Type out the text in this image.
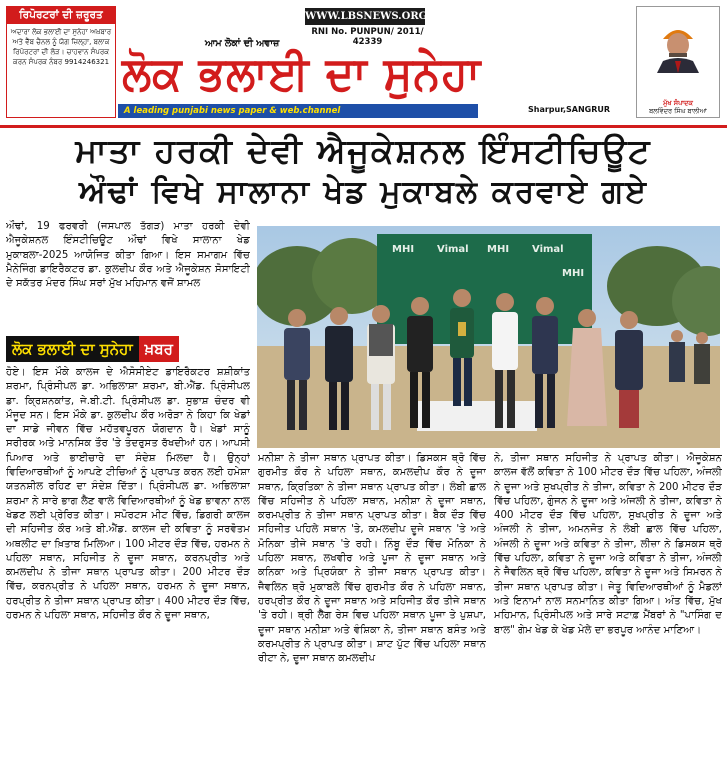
ਰਿਪੋਰਟਰਾਂ ਦੀ ਜ਼ਰੂਰਤ
ਅਦਾਰਾ ਲੋਕ ਭਲਾਈ ਦਾ ਸੁਨੇਹਾ ਅਖ਼ਬਾਰ ਅਤੇ ਵੈੱਬ ਚੈਨਲ ਨੂੰ ਯੋਗ ਜ਼ਿਲ੍ਹਾ, ਬਲਾਕ ਰਿਪੋਰਟਰਾਂ ਦੀ ਲੋੜ। ਚਾਹਵਾਨ ਸੰਪਰਕ ਕਰਨ ਸੰਪਰਕ ਨੰਬਰ 9914246321
WWW.LBSNEWS.ORG
RNI No. PUNPUN/ 2011/ 42339
ਆਮ ਲੋਕਾਂ ਦੀ ਅਵਾਜ਼
ਲੋਕ ਭਲਾਈ ਦਾ ਸੁਨੇਹਾ
A leading punjabi news paper & web.channel	Sharpur,SANGRUR
ਮੁੱਖ ਸੰਪਾਦਕ
ਬਲਵਿੰਦਰ ਸਿੰਘ ਬਾਲੀਆਂ
ਮਾਤਾ ਹਰਕੀ ਦੇਵੀ ਐਜੂਕੇਸ਼ਨਲ ਇੰਸਟੀਚਿਊਟ
ਔਢਾਂ ਵਿਖੇ ਸਾਲਾਨਾ ਖੇਡ ਮੁਕਾਬਲੇ ਕਰਵਾਏ ਗਏ

ਔਢਾਂ, 19 ਫਰਵਰੀ (ਜਸਪਾਲ ਤੱਗੜ) ਮਾਤਾ ਹਰਕੀ ਦੇਵੀ ਐਜੂਕੇਸ਼ਨਲ ਇੰਸਟੀਚਿਊਟ ਔਢਾਂ ਵਿਖੇ ਸਾਲਾਨਾ ਖੇਡ ਮੁਕਾਬਲਾ-2025 ਆਯੋਜਿਤ ਕੀਤਾ ਗਿਆ। ਇਸ ਸਮਾਗਮ ਵਿੱਚ ਮੈਨੇਜਿੰਗ ਡਾਇਰੈਕਟਰ ਡਾ. ਕੁਲਦੀਪ ਕੌਰ ਅਤੇ ਐਜੂਕੇਸ਼ਨ ਸੋਸਾਇਟੀ ਦੇ ਸਕੱਤਰ ਮੰਦਰ ਸਿੰਘ ਸਰਾਂ ਮੁੱਖ ਮਹਿਮਾਨ ਵਜੋਂ ਸ਼ਾਮਲ

ਲੋਕ ਭਲਾਈ ਦਾ ਸੁਨੇਹਾ ਖ਼ਬਰ

ਹੋਏ। ਇਸ ਮੌਕੇ ਕਾਲਜ ਦੇ ਐਸੋਸੀਏਟ ਡਾਇਰੈਕਟਰ ਸ਼ਸ਼ੀਕਾਂਤ ਸ਼ਰਮਾ, ਪ੍ਰਿੰਸੀਪਲ ਡਾ. ਅਭਿਲਾਸ਼ਾ ਸ਼ਰਮਾ, ਬੀ.ਐੱਡ. ਪ੍ਰਿੰਸੀਪਲ ਡਾ. ਕ੍ਰਿਸ਼ਨਕਾਂਤ, ਜੇ.ਬੀ.ਟੀ. ਪ੍ਰਿੰਸੀਪਲ ਡਾ. ਸੁਭਾਸ਼ ਚੰਦਰ ਵੀ ਮੌਜੂਦ ਸਨ। ਇਸ ਮੌਕੇ ਡਾ. ਕੁਲਦੀਪ ਕੌਰ ਅਰੋੜਾ ਨੇ ਕਿਹਾ ਕਿ ਖੇਡਾਂ ਦਾ ਸਾਡੇ ਜੀਵਨ ਵਿੱਚ ਮਹੱਤਵਪੂਰਨ ਯੋਗਦਾਨ ਹੈ। ਖੇਡਾਂ ਸਾਨੂੰ ਸਰੀਰਕ ਅਤੇ ਮਾਨਸਿਕ ਤੌਰ 'ਤੇ ਤੰਦਰੁਸਤ ਰੱਖਦੀਆਂ ਹਨ। ਆਪਸੀ ਪਿਆਰ ਅਤੇ ਭਾਈਚਾਰੇ ਦਾ ਸੰਦੇਸ਼ ਮਿਲਦਾ ਹੈ। ਉਨ੍ਹਾਂ ਵਿਦਿਆਰਥੀਆਂ ਨੂੰ ਆਪਣੇ ਟੀਚਿਆਂ ਨੂੰ ਪ੍ਰਾਪਤ ਕਰਨ ਲਈ ਹਮੇਸ਼ਾ ਯਤਨਸ਼ੀਲ ਰਹਿਣ ਦਾ ਸੰਦੇਸ਼ ਦਿੱਤਾ। ਪ੍ਰਿੰਸੀਪਲ ਡਾ. ਅਭਿਲਾਸ਼ਾ ਸ਼ਰਮਾ ਨੇ ਸਾਰੇ ਭਾਗ ਲੈਣ ਵਾਲੇ ਵਿਦਿਆਰਥੀਆਂ ਨੂੰ ਖੇਡ ਭਾਵਨਾ ਨਾਲ ਖੇਡਣ ਲਈ ਪ੍ਰੇਰਿਤ ਕੀਤਾ। ਸਪੋਰਟਸ ਮੀਟ ਵਿੱਚ, ਡਿਗਰੀ ਕਾਲਜ ਦੀ ਸਹਿਜੀਤ ਕੌਰ ਅਤੇ ਬੀ.ਐੱਡ. ਕਾਲਜ ਦੀ ਕਵਿਤਾ ਨੂੰ ਸਰਵੋਤਮ ਅਥਲੀਟ ਦਾ ਖ਼ਿਤਾਬ ਮਿਲਿਆ। 100 ਮੀਟਰ ਦੌੜ ਵਿੱਚ, ਹਰਮਨ ਨੇ ਪਹਿਲਾ ਸਥਾਨ, ਸਹਿਜੀਤ ਨੇ ਦੂਜਾ ਸਥਾਨ, ਕਰਨਪ੍ਰੀਤ ਅਤੇ ਕਮਲਦੀਪ ਨੇ ਤੀਜਾ ਸਥਾਨ ਪ੍ਰਾਪਤ ਕੀਤਾ। 200 ਮੀਟਰ ਦੌੜ ਵਿੱਚ, ਕਰਨਪ੍ਰੀਤ ਨੇ ਪਹਿਲਾ ਸਥਾਨ, ਹਰਮਨ ਨੇ ਦੂਜਾ ਸਥਾਨ, ਹਰਪ੍ਰੀਤ ਨੇ ਤੀਜਾ ਸਥਾਨ ਪ੍ਰਾਪਤ ਕੀਤਾ। 400 ਮੀਟਰ ਦੌੜ ਵਿੱਚ, ਹਰਮਨ ਨੇ ਪਹਿਲਾ ਸਥਾਨ, ਸਹਿਜੀਤ ਕੌਰ ਨੇ ਦੂਜਾ ਸਥਾਨ,

MHI Vimal MHI Vimal
MHI

ਮਨੀਸ਼ਾ ਨੇ ਤੀਜਾ ਸਥਾਨ ਪ੍ਰਾਪਤ ਕੀਤਾ। ਡਿਸਕਸ ਥ੍ਰੋ ਵਿੱਚ ਗੁਰਮੀਤ ਕੌਰ ਨੇ ਪਹਿਲਾ ਸਥਾਨ, ਕਮਲਦੀਪ ਕੌਰ ਨੇ ਦੂਜਾ ਸਥਾਨ, ਕ੍ਰਿਤਿਕਾ ਨੇ ਤੀਜਾ ਸਥਾਨ ਪ੍ਰਾਪਤ ਕੀਤਾ। ਲੰਬੀ ਛਾਲ ਵਿੱਚ ਸਹਿਜੀਤ ਨੇ ਪਹਿਲਾ ਸਥਾਨ, ਮਨੀਸ਼ਾ ਨੇ ਦੂਜਾ ਸਥਾਨ, ਕਰਮਪ੍ਰੀਤ ਨੇ ਤੀਜਾ ਸਥਾਨ ਪ੍ਰਾਪਤ ਕੀਤਾ। ਬੈਕ ਦੌੜ ਵਿੱਚ ਸਹਿਜੀਤ ਪਹਿਲੇ ਸਥਾਨ 'ਤੇ, ਕਮਲਦੀਪ ਦੂਜੇ ਸਥਾਨ 'ਤੇ ਅਤੇ ਮੋਨਿਕਾ ਤੀਜੇ ਸਥਾਨ 'ਤੇ ਰਹੀ। ਨਿੰਬੂ ਦੌੜ ਵਿੱਚ ਮੋਨਿਕਾ ਨੇ ਪਹਿਲਾ ਸਥਾਨ, ਲਖਵੀਰ ਅਤੇ ਪੂਜਾ ਨੇ ਦੂਜਾ ਸਥਾਨ ਅਤੇ ਕਨਿਕਾ ਅਤੇ ਪ੍ਰਿਯੰਕਾ ਨੇ ਤੀਜਾ ਸਥਾਨ ਪ੍ਰਾਪਤ ਕੀਤਾ। ਜੈਵਲਿਨ ਥ੍ਰੋ ਮੁਕਾਬਲੇ ਵਿੱਚ ਗੁਰਮੀਤ ਕੌਰ ਨੇ ਪਹਿਲਾ ਸਥਾਨ, ਹਰਪ੍ਰੀਤ ਕੌਰ ਨੇ ਦੂਜਾ ਸਥਾਨ ਅਤੇ ਸਹਿਜੀਤ ਕੌਰ ਤੀਜੇ ਸਥਾਨ 'ਤੇ ਰਹੀ। ਥ੍ਰੀ ਲੈੱਗ ਰੇਸ ਵਿਚ ਪਹਿਲਾ ਸਥਾਨ ਪੂਜਾ ਤੇ ਪੁਸ਼ਪਾ, ਦੂਜਾ ਸਥਾਨ ਮਨੀਸ਼ਾ ਅਤੇ ਵੰਸ਼ਿਕਾ ਨੇ, ਤੀਜਾ ਸਥਾਨ ਬਸੰਤ ਅਤੇ ਕਰਮਪ੍ਰੀਤ ਨੇ ਪ੍ਰਾਪਤ ਕੀਤਾ। ਸ਼ਾਟ ਪੁੱਟ ਵਿੱਚ ਪਹਿਲਾ ਸਥਾਨ ਰੀਟਾ ਨੇ, ਦੂਜਾ ਸਥਾਨ ਕਮਲਦੀਪ

ਨੇ, ਤੀਜਾ ਸਥਾਨ ਸਹਿਜੀਤ ਨੇ ਪ੍ਰਾਪਤ ਕੀਤਾ। ਐਜੂਕੇਸ਼ਨ ਕਾਲਜ ਵੱਲੋਂ ਕਵਿਤਾ ਨੇ 100 ਮੀਟਰ ਦੌੜ ਵਿੱਚ ਪਹਿਲਾ, ਅੰਜਲੀ ਨੇ ਦੂਜਾ ਅਤੇ ਸੁਖਪ੍ਰੀਤ ਨੇ ਤੀਜਾ, ਕਵਿਤਾ ਨੇ 200 ਮੀਟਰ ਦੌੜ ਵਿੱਚ ਪਹਿਲਾ, ਗੁੰਜਨ ਨੇ ਦੂਜਾ ਅਤੇ ਅੰਜਲੀ ਨੇ ਤੀਜਾ, ਕਵਿਤਾ ਨੇ 400 ਮੀਟਰ ਦੌੜ ਵਿੱਚ ਪਹਿਲਾ, ਸੁਖਪ੍ਰੀਤ ਨੇ ਦੂਜਾ ਅਤੇ ਅੰਜਲੀ ਨੇ ਤੀਜਾ, ਅਮਨਜੋਤ ਨੇ ਲੰਬੀ ਛਾਲ ਵਿੱਚ ਪਹਿਲਾ, ਅੰਜਲੀ ਨੇ ਦੂਜਾ ਅਤੇ ਕਵਿਤਾ ਨੇ ਤੀਜਾ, ਲੀਜ਼ਾ ਨੇ ਡਿਸਕਸ ਥ੍ਰੋ ਵਿੱਚ ਪਹਿਲਾ, ਕਵਿਤਾ ਨੇ ਦੂਜਾ ਅਤੇ ਕਵਿਤਾ ਨੇ ਤੀਜਾ, ਅੰਜਲੀ ਨੇ ਜੈਵਲਿਨ ਥ੍ਰੋ ਵਿੱਚ ਪਹਿਲਾ, ਕਵਿਤਾ ਨੇ ਦੂਜਾ ਅਤੇ ਸਿਮਰਨ ਨੇ ਤੀਜਾ ਸਥਾਨ ਪ੍ਰਾਪਤ ਕੀਤਾ। ਜੇਤੂ ਵਿਦਿਆਰਥੀਆਂ ਨੂੰ ਮੈਡਲਾਂ ਅਤੇ ਇਨਾਮਾਂ ਨਾਲ ਸਨਮਾਨਿਤ ਕੀਤਾ ਗਿਆ। ਅੰਤ ਵਿੱਚ, ਮੁੱਖ ਮਹਿਮਾਨ, ਪ੍ਰਿੰਸੀਪਲ ਅਤੇ ਸਾਰੇ ਸਟਾਫ਼ ਮੈਂਬਰਾਂ ਨੇ "ਪਾਸਿੰਗ ਦ ਬਾਲ" ਗੇਮ ਖੇਡ ਕੇ ਖੇਡ ਮੇਲੇ ਦਾ ਭਰਪੂਰ ਆਨੰਦ ਮਾਣਿਆ।
